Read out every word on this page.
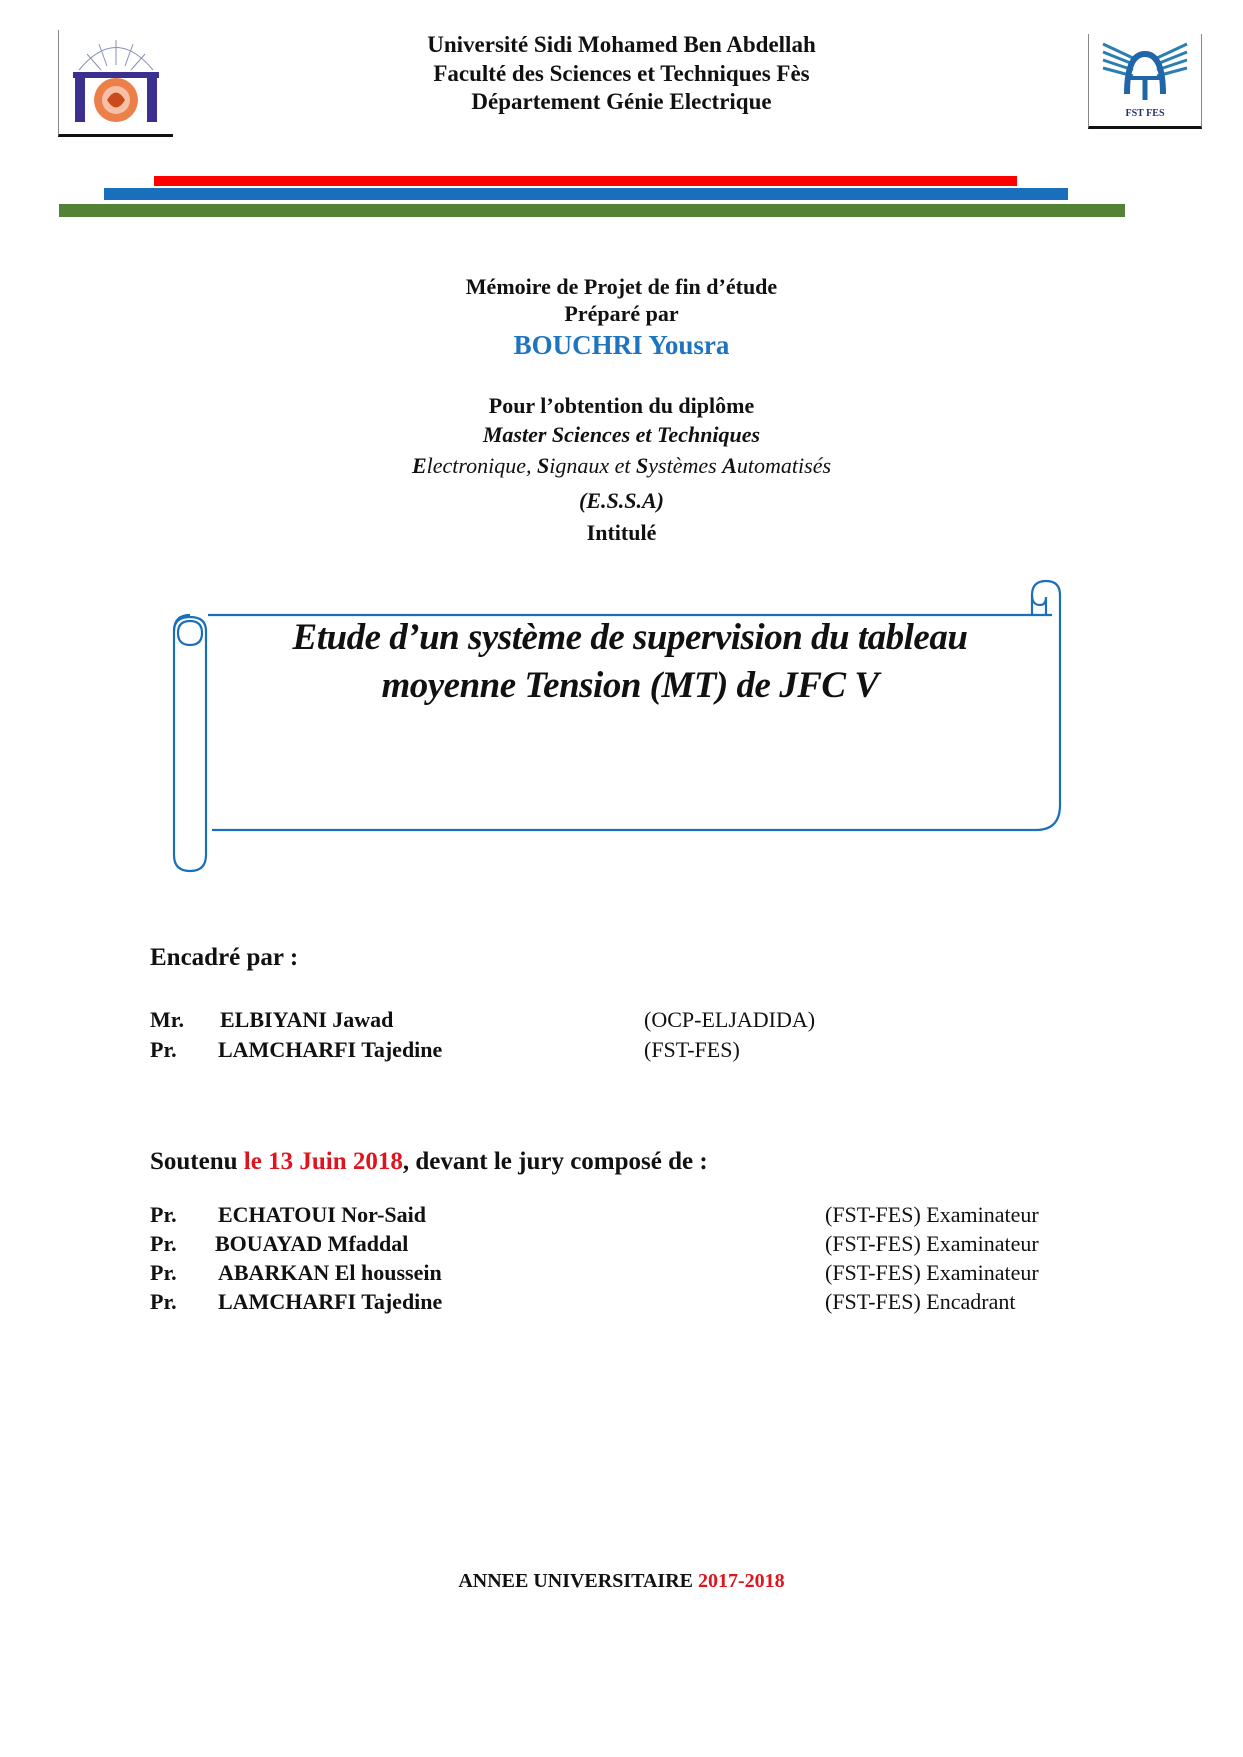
Université Sidi Mohamed Ben Abdellah
Faculté des Sciences et Techniques Fès
Département Génie Electrique	FST FES
Mémoire de Projet de fin d’étude
Préparé par
BOUCHRI Yousra
Pour l’obtention du diplôme
Master Sciences et Techniques
Electronique, Signaux et Systèmes Automatisés
(E.S.S.A)
Intitulé
Etude d’un système de supervision du tableau
moyenne Tension (MT) de JFC V
Encadré par :
Mr. ELBIYANI Jawad	(OCP-ELJADIDA)
Pr. LAMCHARFI Tajedine	(FST-FES)
Soutenu le 13 Juin 2018, devant le jury composé de :
Pr. ECHATOUI Nor-Said	(FST-FES) Examinateur
Pr. BOUAYAD Mfaddal	(FST-FES) Examinateur
Pr. ABARKAN El houssein	(FST-FES) Examinateur
Pr. LAMCHARFI Tajedine	(FST-FES) Encadrant
ANNEE UNIVERSITAIRE 2017-2018
